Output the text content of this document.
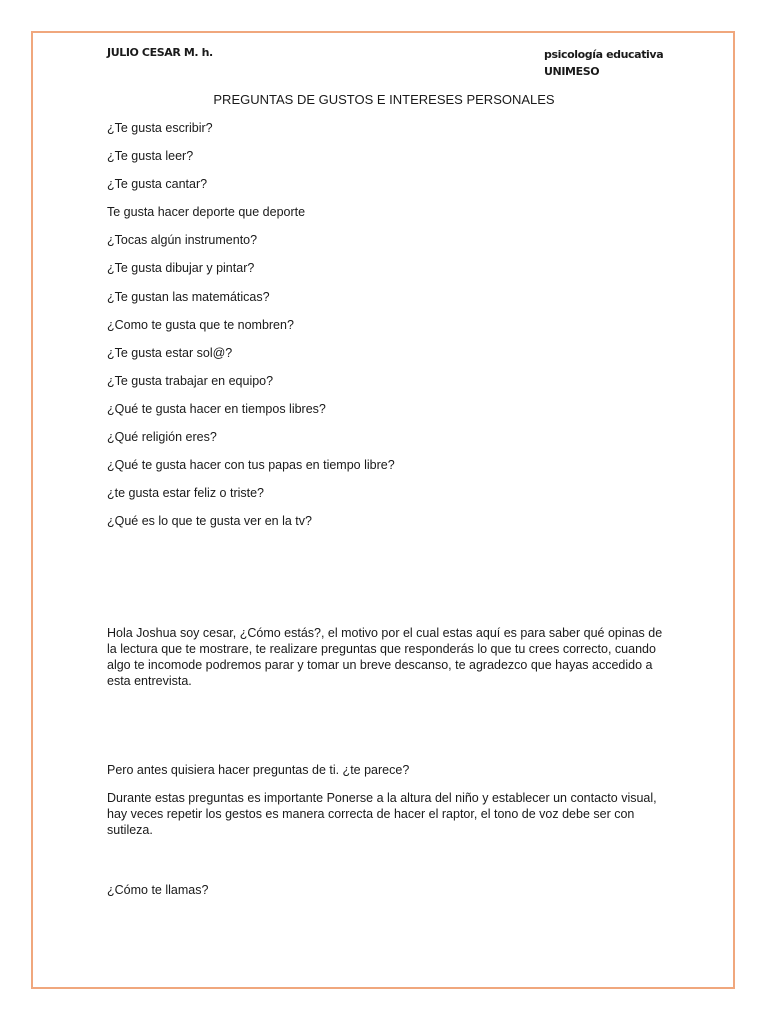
JULIO CESAR M. h.	psicología educativa
UNIMESO
PREGUNTAS DE GUSTOS E INTERESES PERSONALES
¿Te gusta escribir?
¿Te gusta leer?
¿Te gusta cantar?
Te gusta hacer deporte que deporte
¿Tocas algún instrumento?
¿Te gusta dibujar y pintar?
¿Te gustan las matemáticas?
¿Como te gusta que te nombren?
¿Te gusta estar sol@?
¿Te gusta trabajar en equipo?
¿Qué te gusta hacer en tiempos libres?
¿Qué religión eres?
¿Qué te gusta hacer con tus papas en tiempo libre?
¿te gusta estar feliz o triste?
¿Qué es lo que te gusta ver en la tv?

Hola Joshua soy cesar, ¿Cómo estás?, el motivo por el cual estas aquí es para saber qué opinas de la lectura que te mostrare, te realizare preguntas que responderás lo que tu crees correcto, cuando algo te incomode podremos parar y tomar un breve descanso, te agradezco que hayas accedido a esta entrevista.

Pero antes quisiera hacer preguntas de ti. ¿te parece?

Durante estas preguntas es importante Ponerse a la altura del niño y establecer un contacto visual, hay veces repetir los gestos es manera correcta de hacer el raptor, el tono de voz debe ser con sutileza.

¿Cómo te llamas?
